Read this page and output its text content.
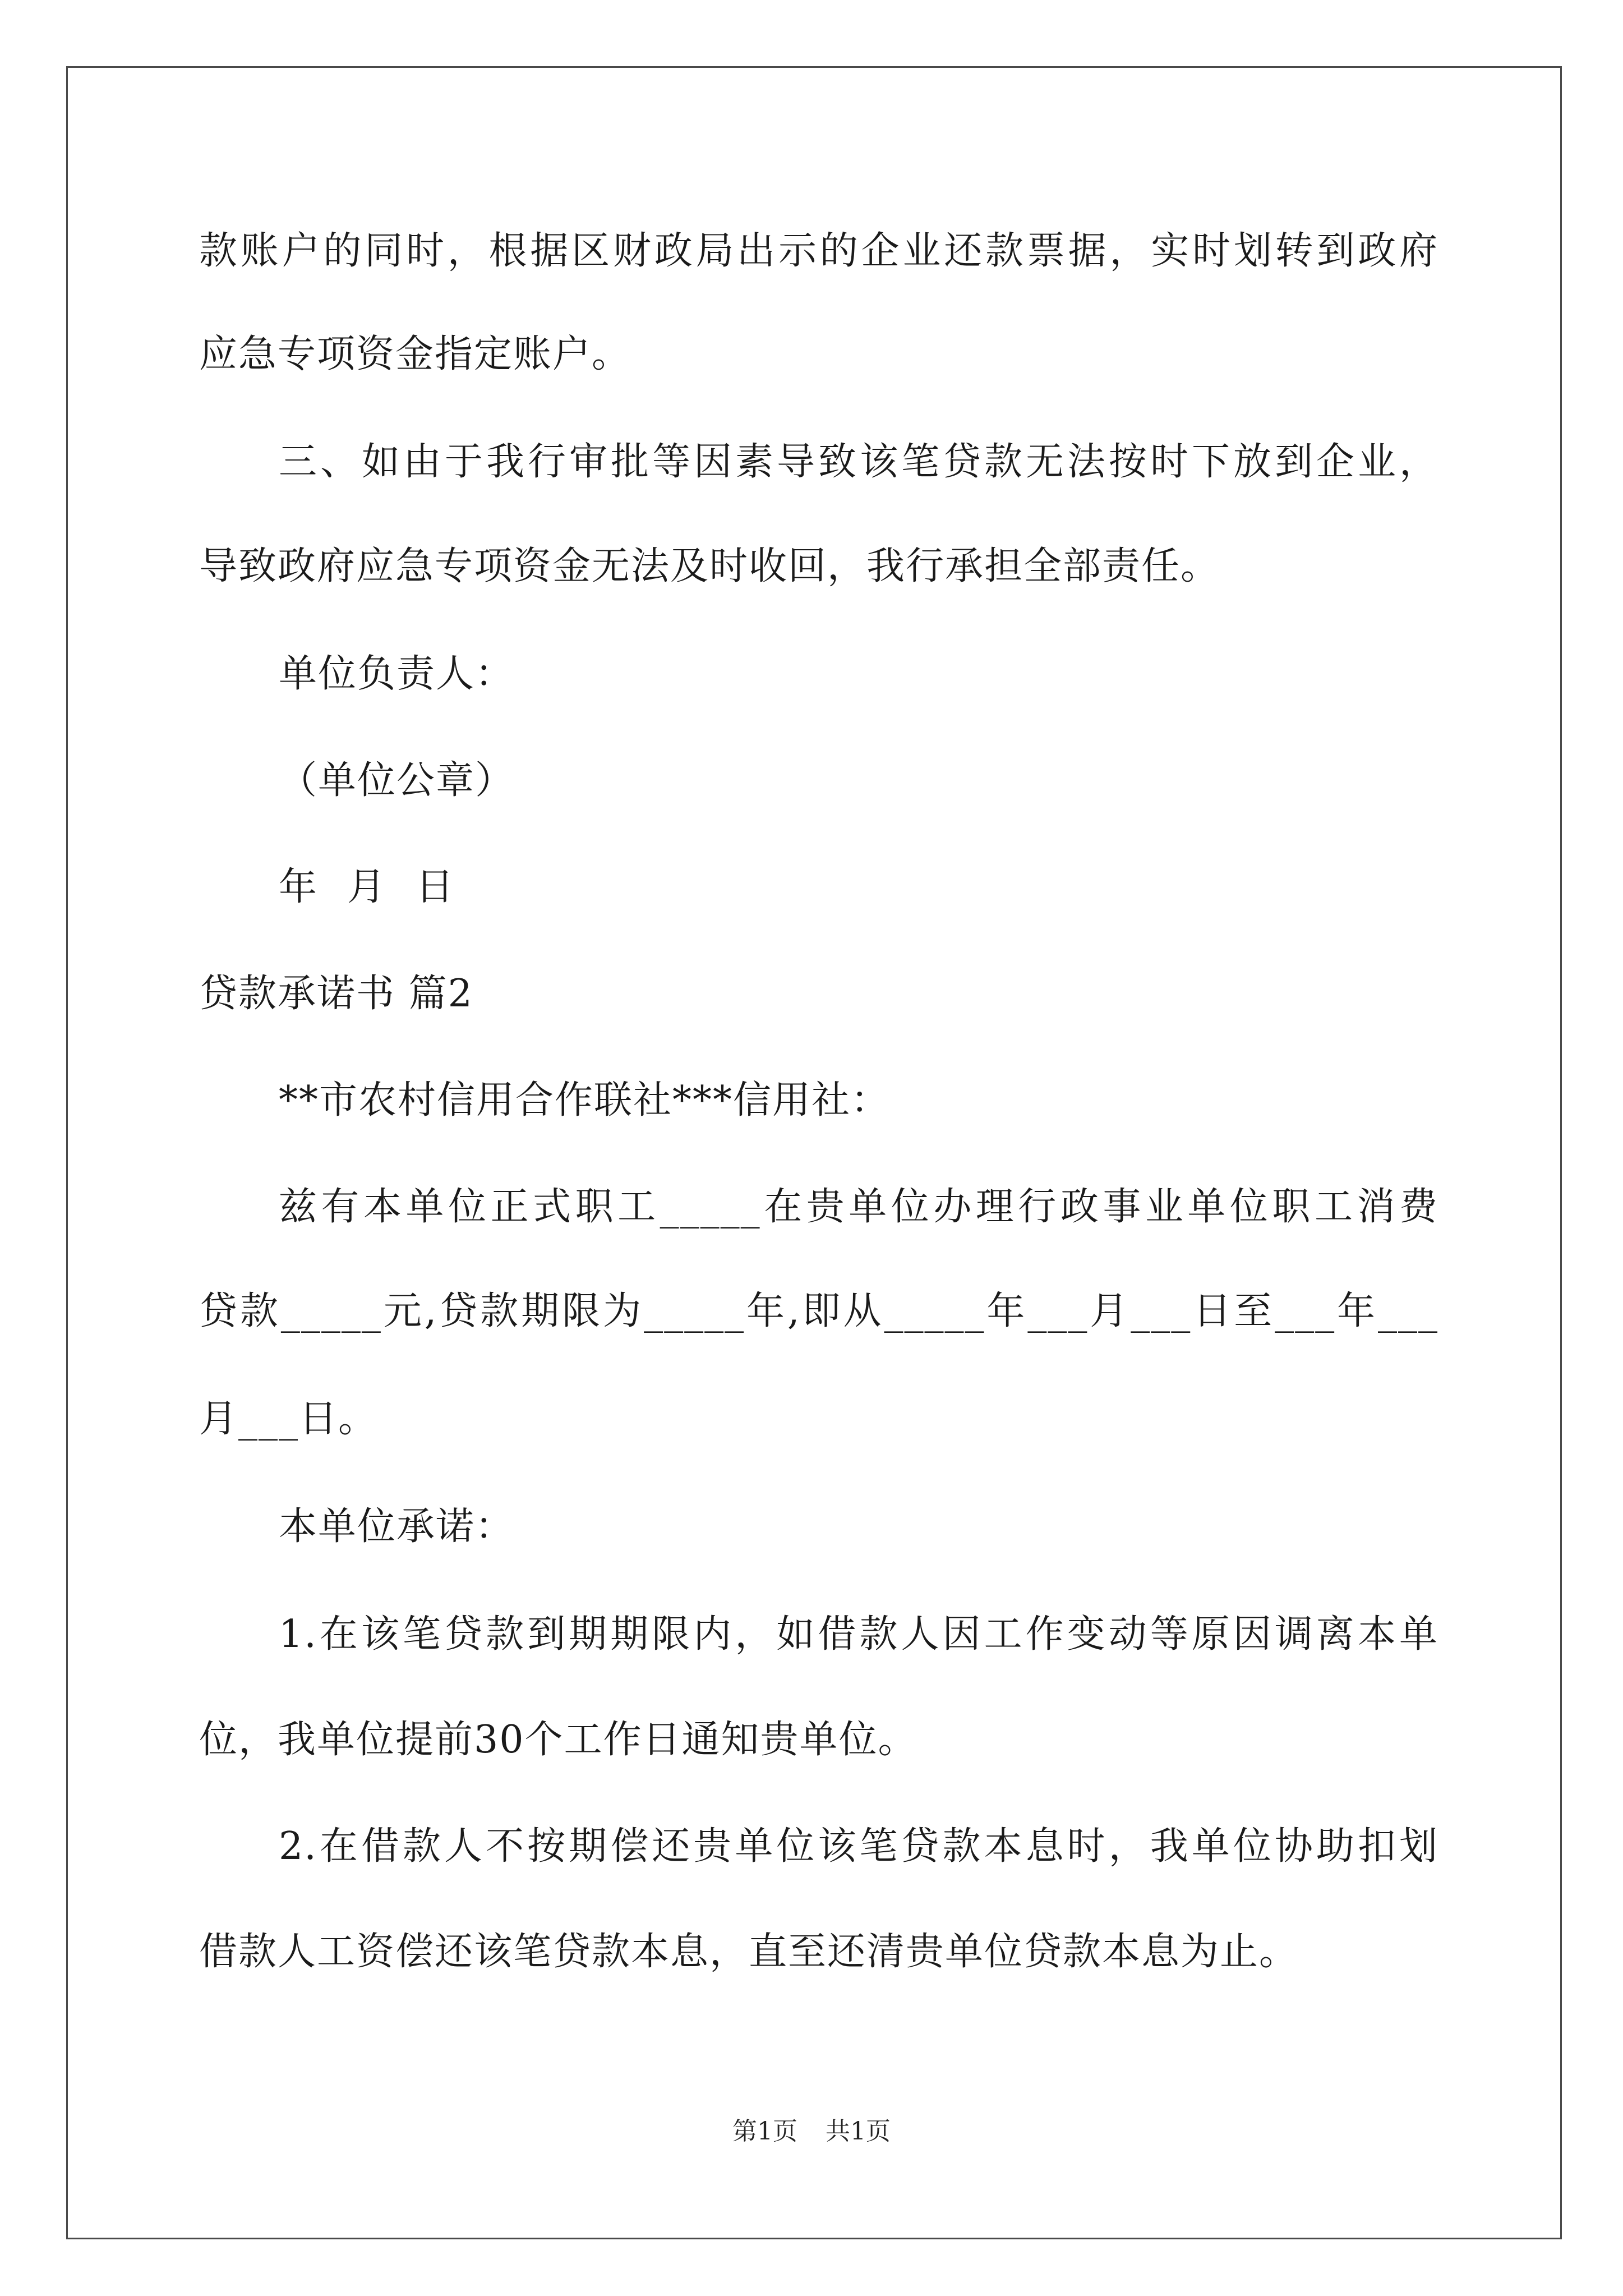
款账户的同时，根据区财政局出示的企业还款票据，实时划转到政府
应急专项资金指定账户。
三、如由于我行审批等因素导致该笔贷款无法按时下放到企业，
导致政府应急专项资金无法及时收回，我行承担全部责任。
单位负责人：
（单位公章）
年 月 日
贷款承诺书 篇2
**市农村信用合作联社***信用社：
兹有本单位正式职工_____在贵单位办理行政事业单位职工消费
贷款_____元,贷款期限为_____年,即从_____年___月___日至___年___
月___日。
本单位承诺：
1.在该笔贷款到期期限内，如借款人因工作变动等原因调离本单
位，我单位提前30个工作日通知贵单位。
2.在借款人不按期偿还贵单位该笔贷款本息时，我单位协助扣划
借款人工资偿还该笔贷款本息，直至还清贵单位贷款本息为止。
第1页 共1页
